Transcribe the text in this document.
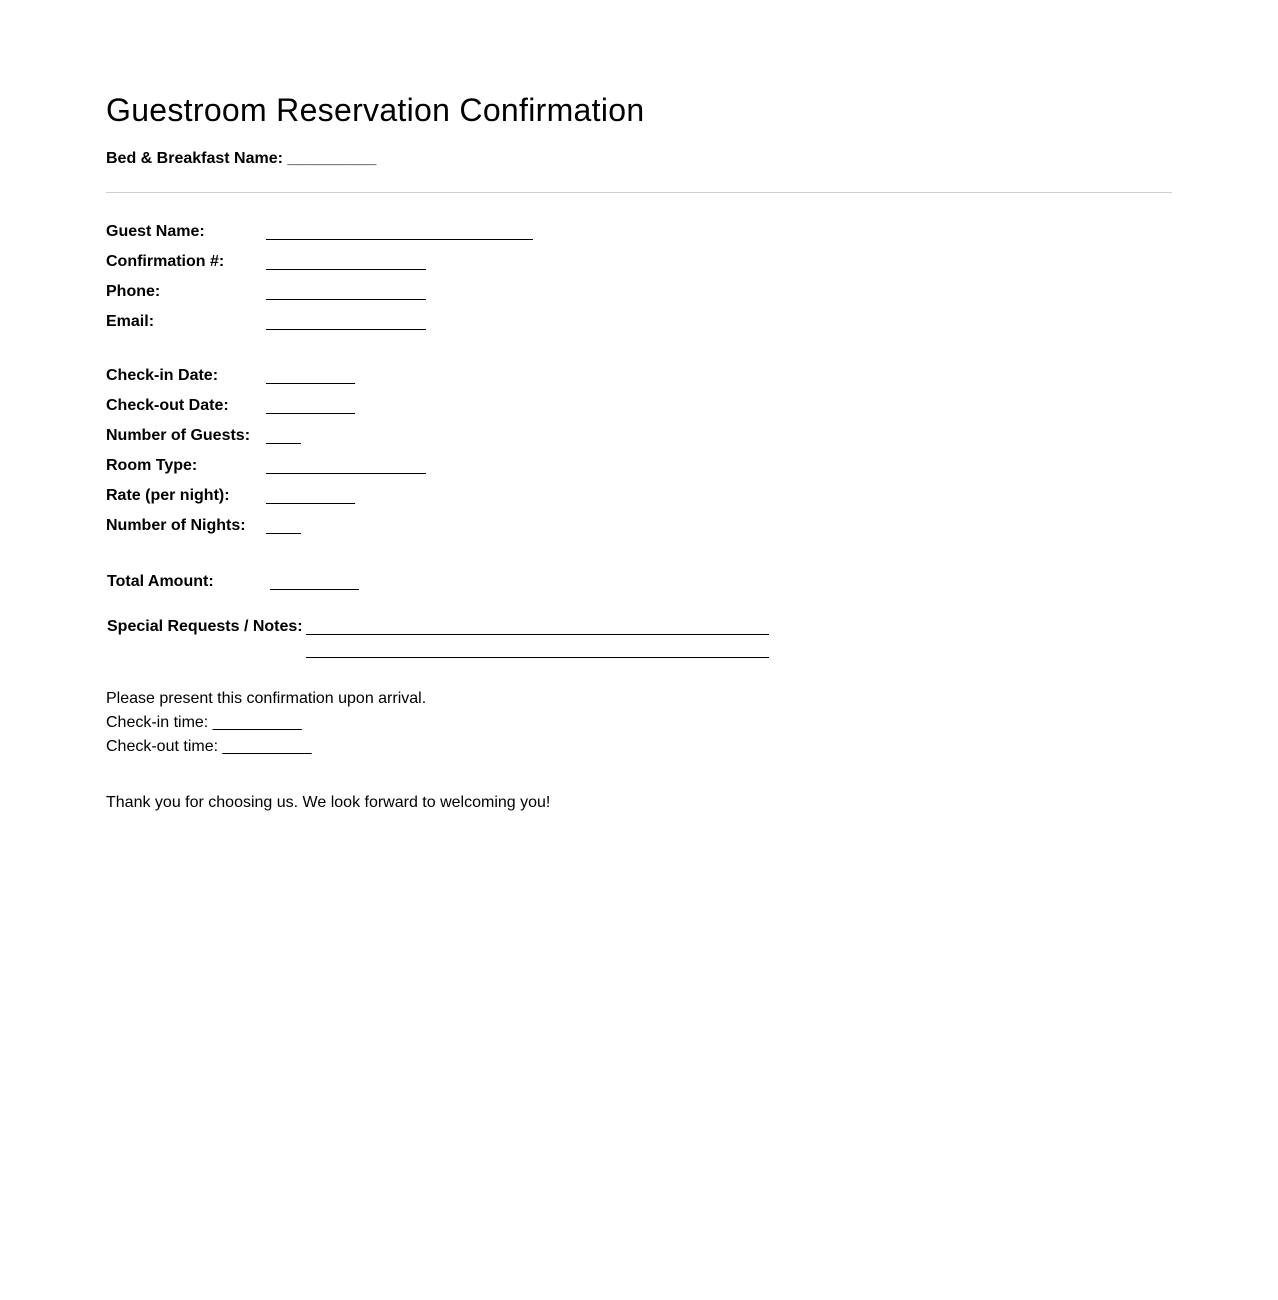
Guestroom Reservation Confirmation
Bed & Breakfast Name: __________
Guest Name:
Confirmation #:
Phone:
Email:
Check-in Date:
Check-out Date:
Number of Guests:
Room Type:
Rate (per night):
Number of Nights:
Total Amount:
Special Requests / Notes:
Please present this confirmation upon arrival.
Check-in time: __________
Check-out time: __________
Thank you for choosing us. We look forward to welcoming you!
